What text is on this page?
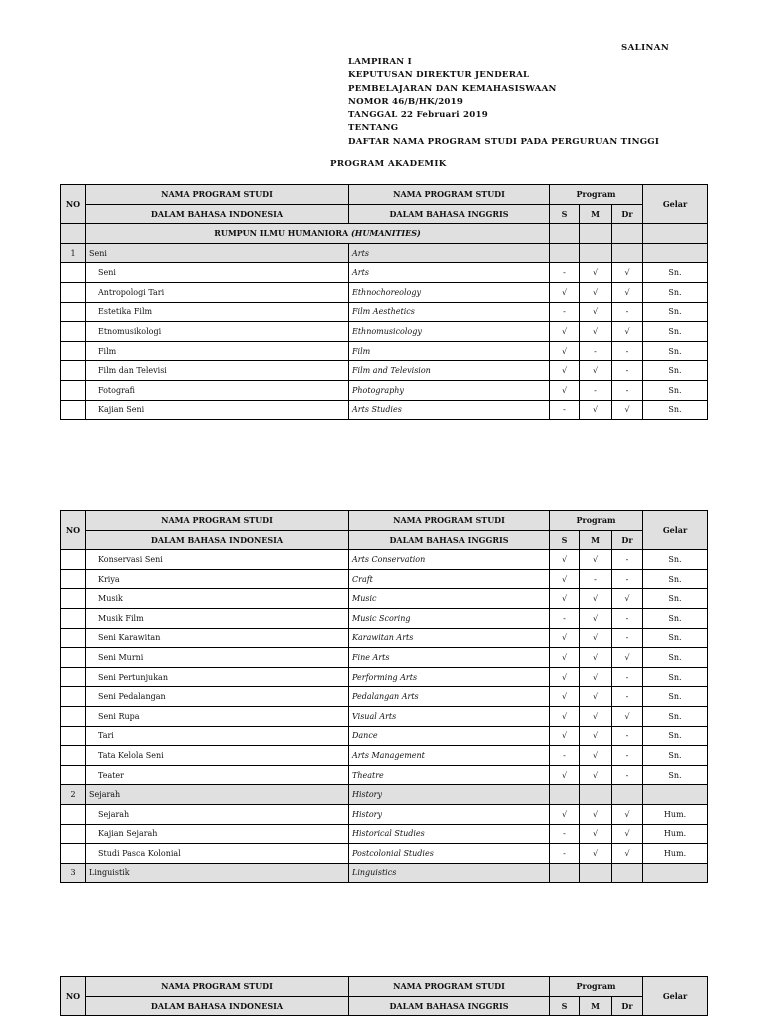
SALINAN
LAMPIRAN I
KEPUTUSAN DIREKTUR JENDERAL
PEMBELAJARAN DAN KEMAHASISWAAN
NOMOR 46/B/HK/2019
TANGGAL 22 Februari 2019
TENTANG
DAFTAR NAMA PROGRAM STUDI PADA PERGURUAN TINGGI
PROGRAM AKADEMIK
NO	NAMA PROGRAM STUDI	NAMA PROGRAM STUDI	Program			Gelar
	DALAM BAHASA INDONESIA	DALAM BAHASA INGGRIS	S	M	Dr	
	RUMPUN ILMU HUMANIORA (HUMANITIES)					
1	Seni	Arts				
	Seni	Arts	-	√	√	Sn.
	Antropologi Tari	Ethnochoreology	√	√	√	Sn.
	Estetika Film	Film Aesthetics	-	√	-	Sn.
	Etnomusikologi	Ethnomusicology	√	√	√	Sn.
	Film	Film	√	-	-	Sn.
	Film dan Televisi	Film and Television	√	√	-	Sn.
	Fotografi	Photography	√	-	-	Sn.
	Kajian Seni	Arts Studies	-	√	√	Sn.
NO	NAMA PROGRAM STUDI	NAMA PROGRAM STUDI	Program			Gelar
	DALAM BAHASA INDONESIA	DALAM BAHASA INGGRIS	S	M	Dr	
	Konservasi Seni	Arts Conservation	√	√	-	Sn.
	Kriya	Craft	√	-	-	Sn.
	Musik	Music	√	√	√	Sn.
	Musik Film	Music Scoring	-	√	-	Sn.
	Seni Karawitan	Karawitan Arts	√	√	-	Sn.
	Seni Murni	Fine Arts	√	√	√	Sn.
	Seni Pertunjukan	Performing Arts	√	√	-	Sn.
	Seni Pedalangan	Pedalangan Arts	√	√	-	Sn.
	Seni Rupa	Visual Arts	√	√	√	Sn.
	Tari	Dance	√	√	-	Sn.
	Tata Kelola Seni	Arts Management	-	√	-	Sn.
	Teater	Theatre	√	√	-	Sn.
2	Sejarah	History				
	Sejarah	History	√	√	√	Hum.
	Kajian Sejarah	Historical Studies	-	√	√	Hum.
	Studi Pasca Kolonial	Postcolonial Studies	-	√	√	Hum.
3	Linguistik	Linguistics				
NO	NAMA PROGRAM STUDI	NAMA PROGRAM STUDI	Program			Gelar
	DALAM BAHASA INDONESIA	DALAM BAHASA INGGRIS	S	M	Dr	
